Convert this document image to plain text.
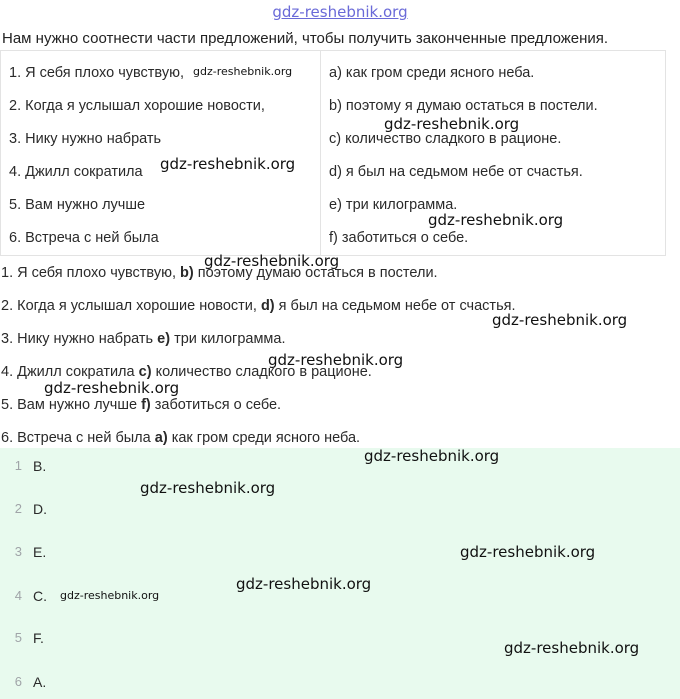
gdz-reshebnik.org
Нам нужно соотнести части предложений, чтобы получить законченные предложения.
1. Я себя плохо чувствую,	a) как гром среди ясного неба.
2. Когда я услышал хорошие новости,	b) поэтому я думаю остаться в постели.
3. Нику нужно набрать	c) количество сладкого в рационе.
4. Джилл сократила	d) я был на седьмом небе от счастья.
5. Вам нужно лучше	e) три килограмма.
6. Встреча с ней была	f) заботиться о себе.
1. Я себя плохо чувствую, b) поэтому думаю остаться в постели.
2. Когда я услышал хорошие новости, d) я был на седьмом небе от счастья.
3. Нику нужно набрать e) три килограмма.
4. Джилл сократила c) количество сладкого в рационе.
5. Вам нужно лучше f) заботиться о себе.
6. Встреча с ней была a) как гром среди ясного неба.
1 B.
2 D.
3 E.
4 C.
5 F.
6 A.
gdz-reshebnik.org
gdz-reshebnik.org
gdz-reshebnik.org
gdz-reshebnik.org
gdz-reshebnik.org
gdz-reshebnik.org
gdz-reshebnik.org
gdz-reshebnik.org
gdz-reshebnik.org
gdz-reshebnik.org
gdz-reshebnik.org
gdz-reshebnik.org
gdz-reshebnik.org
gdz-reshebnik.org
